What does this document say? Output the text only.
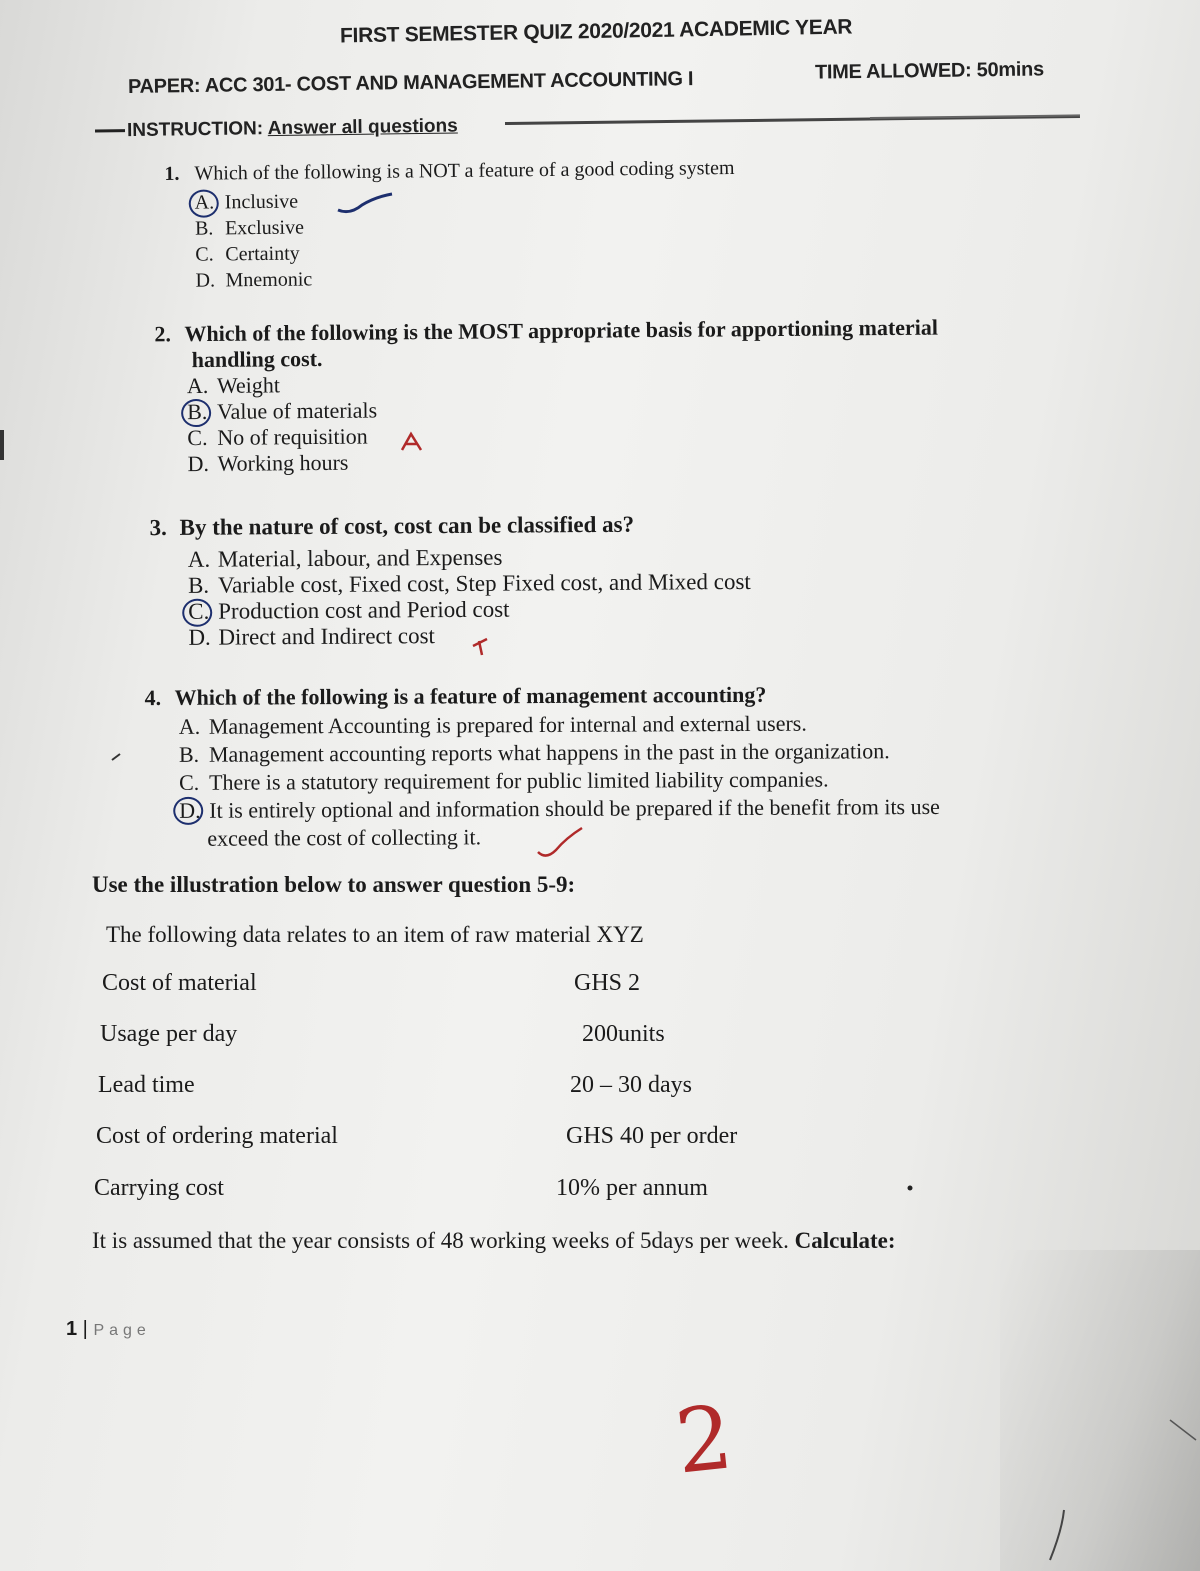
FIRST SEMESTER QUIZ 2020/2021 ACADEMIC YEAR
PAPER: ACC 301- COST AND MANAGEMENT ACCOUNTING I	TIME ALLOWED: 50mins
INSTRUCTION: Answer all questions
1. Which of the following is a NOT a feature of a good coding system
A. Inclusive
B. Exclusive
C. Certainty
D. Mnemonic
2. Which of the following is the MOST appropriate basis for apportioning material
handling cost.
A. Weight
B. Value of materials
C. No of requisition
D. Working hours
3. By the nature of cost, cost can be classified as?
A. Material, labour, and Expenses
B. Variable cost, Fixed cost, Step Fixed cost, and Mixed cost
C. Production cost and Period cost
D. Direct and Indirect cost
4. Which of the following is a feature of management accounting?
A. Management Accounting is prepared for internal and external users.
B. Management accounting reports what happens in the past in the organization.
C. There is a statutory requirement for public limited liability companies.
D. It is entirely optional and information should be prepared if the benefit from its use
exceed the cost of collecting it.
Use the illustration below to answer question 5-9:
The following data relates to an item of raw material XYZ
Cost of material	GHS 2
Usage per day	200units
Lead time	20 – 30 days
Cost of ordering material	GHS 40 per order
Carrying cost	10% per annum
It is assumed that the year consists of 48 working weeks of 5days per week. Calculate:
1 | Page
2
